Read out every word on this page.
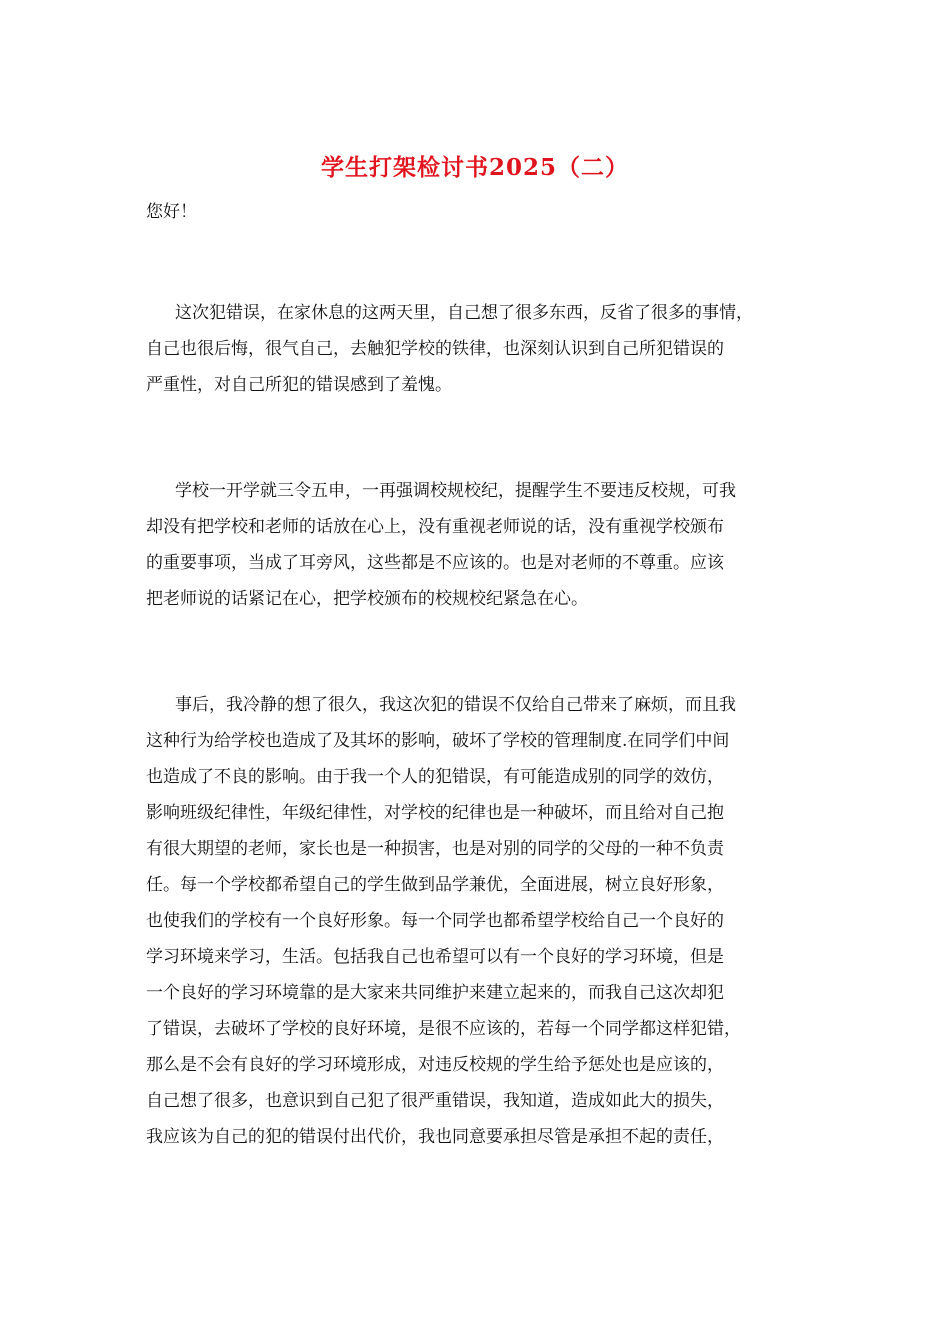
学生打架检讨书2025（二）
您好！
这次犯错误，在家休息的这两天里，自己想了很多东西，反省了很多的事情，
自己也很后悔，很气自己，去触犯学校的铁律，也深刻认识到自己所犯错误的
严重性，对自己所犯的错误感到了羞愧。
学校一开学就三令五申，一再强调校规校纪，提醒学生不要违反校规，可我
却没有把学校和老师的话放在心上，没有重视老师说的话，没有重视学校颁布
的重要事项，当成了耳旁风，这些都是不应该的。也是对老师的不尊重。应该
把老师说的话紧记在心，把学校颁布的校规校纪紧急在心。
事后，我冷静的想了很久，我这次犯的错误不仅给自己带来了麻烦，而且我
这种行为给学校也造成了及其坏的影响，破坏了学校的管理制度.在同学们中间
也造成了不良的影响。由于我一个人的犯错误，有可能造成别的同学的效仿，
影响班级纪律性，年级纪律性，对学校的纪律也是一种破坏，而且给对自己抱
有很大期望的老师，家长也是一种损害，也是对别的同学的父母的一种不负责
任。每一个学校都希望自己的学生做到品学兼优，全面进展，树立良好形象，
也使我们的学校有一个良好形象。每一个同学也都希望学校给自己一个良好的
学习环境来学习，生活。包括我自己也希望可以有一个良好的学习环境，但是
一个良好的学习环境靠的是大家来共同维护来建立起来的，而我自己这次却犯
了错误，去破坏了学校的良好环境，是很不应该的，若每一个同学都这样犯错，
那么是不会有良好的学习环境形成，对违反校规的学生给予惩处也是应该的，
自己想了很多，也意识到自己犯了很严重错误，我知道，造成如此大的损失，
我应该为自己的犯的错误付出代价，我也同意要承担尽管是承担不起的责任，
